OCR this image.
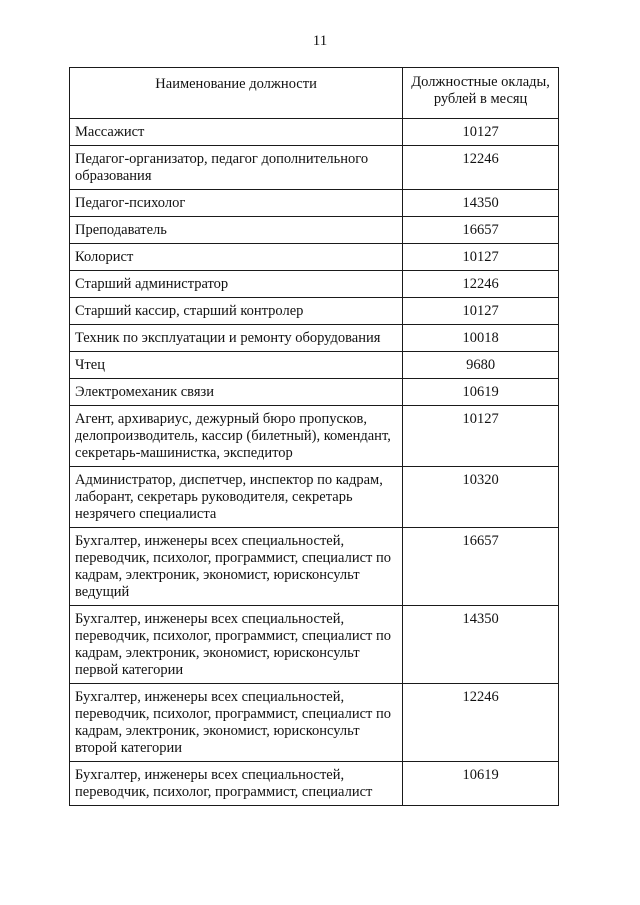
11
Наименование должности	Должностные оклады, рублей в месяц
Массажист	10127
Педагог-организатор, педагог дополнительного образования	12246
Педагог-психолог	14350
Преподаватель	16657
Колорист	10127
Старший администратор	12246
Старший кассир, старший контролер	10127
Техник по эксплуатации и ремонту оборудования	10018
Чтец	9680
Электромеханик связи	10619
Агент, архивариус, дежурный бюро пропусков, делопроизводитель, кассир (билетный), комендант, секретарь-машинистка, экспедитор	10127
Администратор, диспетчер, инспектор по кадрам, лаборант, секретарь руководителя, секретарь незрячего специалиста	10320
Бухгалтер, инженеры всех специальностей, переводчик, психолог, программист, специалист по кадрам, электроник, экономист, юрисконсульт ведущий	16657
Бухгалтер, инженеры всех специальностей, переводчик, психолог, программист, специалист по кадрам, электроник, экономист, юрисконсульт первой категории	14350
Бухгалтер, инженеры всех специальностей, переводчик, психолог, программист, специалист по кадрам, электроник, экономист, юрисконсульт второй категории	12246
Бухгалтер, инженеры всех специальностей, переводчик, психолог, программист, специалист	10619
